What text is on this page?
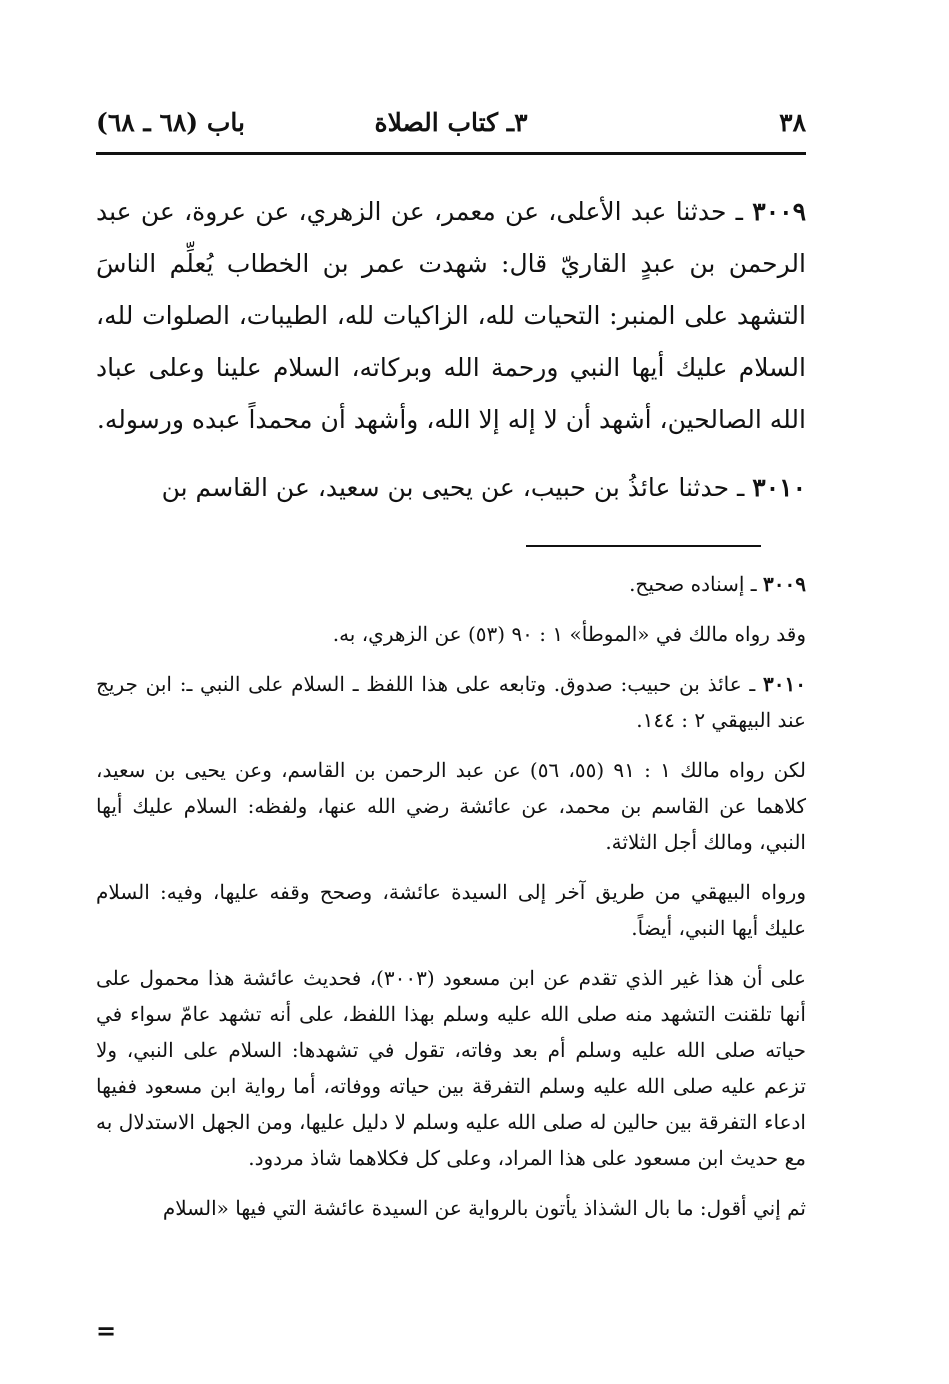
٣٨
٣ـ كتاب الصلاة
باب (٦٨ ـ ٦٨)

٣٠٠٩ ـ حدثنا عبد الأعلى، عن معمر، عن الزهري، عن عروة، عن عبد الرحمن بن عبدٍ القاريّ قال: شهدت عمر بن الخطاب يُعلِّم الناسَ التشهد على المنبر: التحيات لله، الزاكيات لله، الطيبات، الصلوات لله، السلام عليك أيها النبي ورحمة الله وبركاته، السلام علينا وعلى عباد الله الصالحين، أشهد أن لا إله إلا الله، وأشهد أن محمداً عبده ورسوله.

٣٠١٠ ـ حدثنا عائذُ بن حبيب، عن يحيى بن سعيد، عن القاسم بن

٣٠٠٩ ـ إسناده صحيح.

وقد رواه مالك في «الموطأ» ١ : ٩٠ (٥٣) عن الزهري، به.

٣٠١٠ ـ عائذ بن حبيب: صدوق. وتابعه على هذا اللفظ ـ السلام على النبي ـ: ابن جريج عند البيهقي ٢ : ١٤٤.

لكن رواه مالك ١ : ٩١ (٥٥، ٥٦) عن عبد الرحمن بن القاسم، وعن يحيى بن سعيد، كلاهما عن القاسم بن محمد، عن عائشة رضي الله عنها، ولفظه: السلام عليك أيها النبي، ومالك أجل الثلاثة.

ورواه البيهقي من طريق آخر إلى السيدة عائشة، وصحح وقفه عليها، وفيه: السلام عليك أيها النبي، أيضاً.

على أن هذا غير الذي تقدم عن ابن مسعود (٣٠٠٣)، فحديث عائشة هذا محمول على أنها تلقنت التشهد منه صلى الله عليه وسلم بهذا اللفظ، على أنه تشهد عامّ سواء في حياته صلى الله عليه وسلم أم بعد وفاته، تقول في تشهدها: السلام على النبي، ولا تزعم عليه صلى الله عليه وسلم التفرقة بين حياته ووفاته، أما رواية ابن مسعود ففيها ادعاء التفرقة بين حالين له صلى الله عليه وسلم لا دليل عليها، ومن الجهل الاستدلال به مع حديث ابن مسعود على هذا المراد، وعلى كل فكلاهما شاذ مردود.

ثم إني أقول: ما بال الشذاذ يأتون بالرواية عن السيدة عائشة التي فيها «السلام

=
